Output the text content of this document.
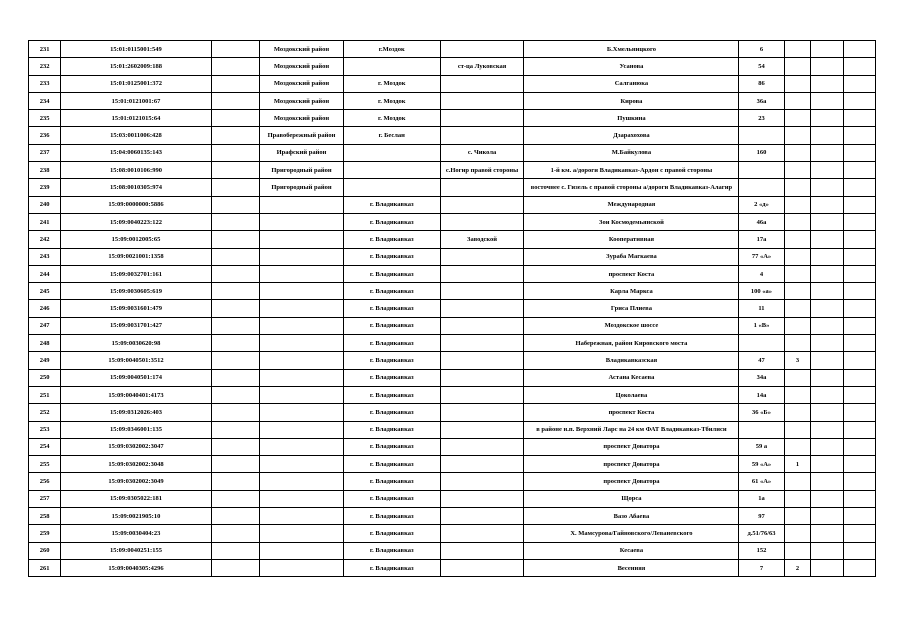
231	15:01:0115001:549		Моздокский район	г.Моздок		Б.Хмельницкого	6			
232	15:01:2602009:188		Моздокский район		ст-ца Луковская	Усанова	54			
233	15:01:0125001:372		Моздокский район	г. Моздок		Салганюка	86			
234	15:01:0121001:67		Моздокский район	г. Моздок		Кирова	36а			
235	15:01:0121015:64		Моздокский район	г. Моздок		Пушкина	23			
236	15:03:0011006:428		Правобережный район	г. Беслан		Дзарахохова				
237	15:04:0060135:143		Ирафский район		с. Чикола	М.Байкулова	160			
238	15:08:0010106:990		Пригородный район		с.Ногир правой стороны	1-й км. а/дороги Владикавказ-Ардон с правой стороны				
239	15:08:0010305:974		Пригородный район			восточнее с. Гизель с правой стороны а/дороги Владикавказ-Алагир				
240	15:09:0000000:5886			г. Владикавказ		Международная	2 «д»			
241	15:09:0040223:122			г. Владикавказ		Зои Космодемьянской	46а			
242	15:09:0012005:65			г. Владикавказ	Заводской	Кооперативная	17а			
243	15:09:0021001:1358			г. Владикавказ		Зураба Магкаева	77 «А»			
244	15:09:0032701:161			г. Владикавказ		проспект Коста	4			
245	15:09:0030605:619			г. Владикавказ		Карла Маркса	100 «а»			
246	15:09:0031601:479			г. Владикавказ		Гриса Плиева	11			
247	15:09:0031701:427			г. Владикавказ		Моздокское шоссе	1 «В»			
248	15:09:0030620:98			г. Владикавказ		Набережная, район Кировского моста				
249	15:09:0040501:3512			г. Владикавказ		Владикавказская	47	3		
250	15:09:0040501:174			г. Владикавказ		Астана Кесаева	34а			
251	15:09:0040401:4173			г. Владикавказ		Цоколаева	14а			
252	15:09:0312026:403			г. Владикавказ		проспект Коста	36 «Б»			
253	15:09:0346001:135			г. Владикавказ		в районе н.п. Верхний Ларс на 24 км ФАТ Владикавказ-Тбилиси				
254	15:09:0302002:3047			г. Владикавказ		проспект Доватора	59 а			
255	15:09:0302002:3048			г. Владикавказ		проспект Доватора	59 «А»	1		
256	15:09:0302002:3049			г. Владикавказ		проспект Доватора	61 «А»			
257	15:09:0305022:181			г. Владикавказ		Щорса	1а			
258	15:09:0021905:10			г. Владикавказ		Вазо Абаева	97			
259	15:09:0030404:23			г. Владикавказ		Х. Мамсурова/Гайновского/Леваневского	д.51/76/63			
260	15:09:0040251:155			г. Владикавказ		Кесаева	152			
261	15:09:0040305:4296			г. Владикавказ		Весенняя	7	2		
